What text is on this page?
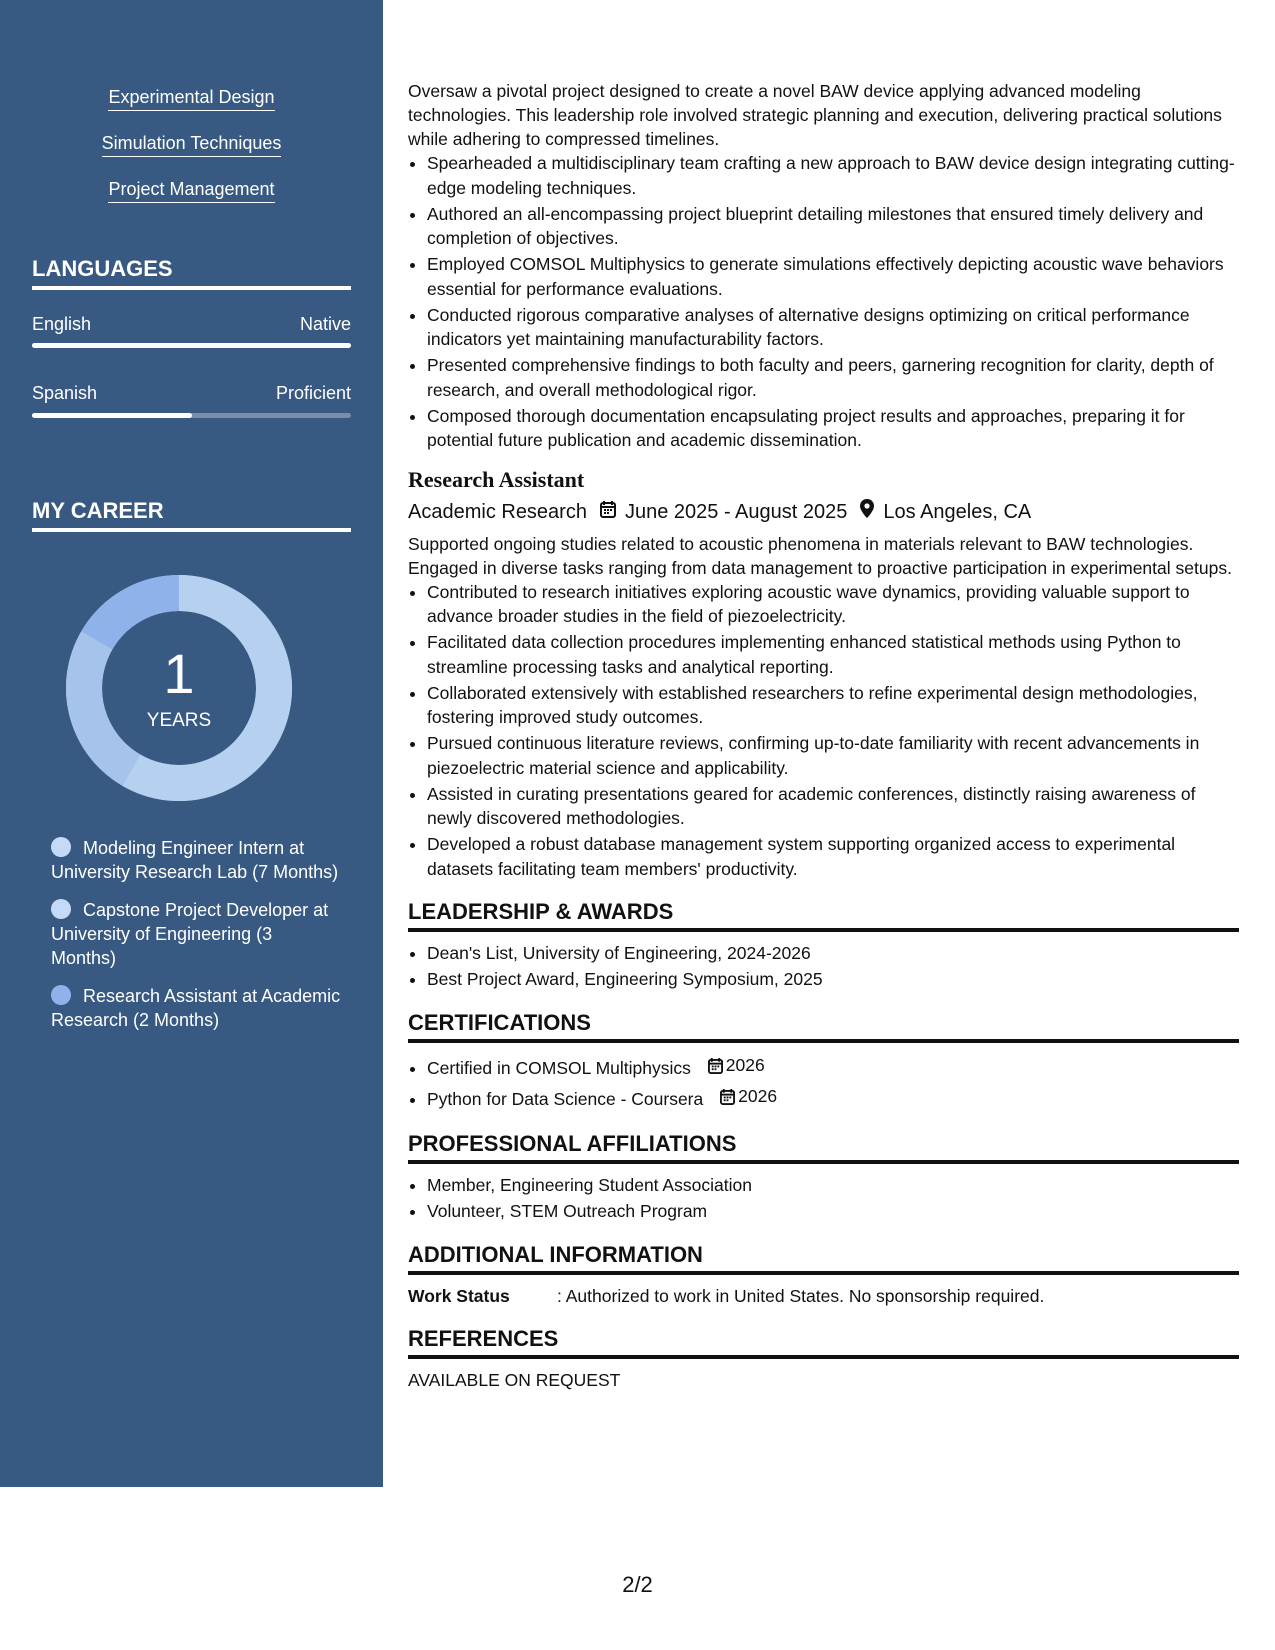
Experimental Design
Simulation Techniques
Project Management
LANGUAGES
English	Native
Spanish	Proficient
MY CAREER
1
YEARS
Modeling Engineer Intern at University Research Lab (7 Months)
Capstone Project Developer at University of Engineering (3 Months)
Research Assistant at Academic Research (2 Months)

Oversaw a pivotal project designed to create a novel BAW device applying advanced modeling technologies. This leadership role involved strategic planning and execution, delivering practical solutions while adhering to compressed timelines.

• Spearheaded a multidisciplinary team crafting a new approach to BAW device design integrating cutting-edge modeling techniques.
• Authored an all-encompassing project blueprint detailing milestones that ensured timely delivery and completion of objectives.
• Employed COMSOL Multiphysics to generate simulations effectively depicting acoustic wave behaviors essential for performance evaluations.
• Conducted rigorous comparative analyses of alternative designs optimizing on critical performance indicators yet maintaining manufacturability factors.
• Presented comprehensive findings to both faculty and peers, garnering recognition for clarity, depth of research, and overall methodological rigor.
• Composed thorough documentation encapsulating project results and approaches, preparing it for potential future publication and academic dissemination.
Research Assistant
Academic Research June 2025 - August 2025 Los Angeles, CA

Supported ongoing studies related to acoustic phenomena in materials relevant to BAW technologies. Engaged in diverse tasks ranging from data management to proactive participation in experimental setups.

• Contributed to research initiatives exploring acoustic wave dynamics, providing valuable support to advance broader studies in the field of piezoelectricity.
• Facilitated data collection procedures implementing enhanced statistical methods using Python to streamline processing tasks and analytical reporting.
• Collaborated extensively with established researchers to refine experimental design methodologies, fostering improved study outcomes.
• Pursued continuous literature reviews, confirming up-to-date familiarity with recent advancements in piezoelectric material science and applicability.
• Assisted in curating presentations geared for academic conferences, distinctly raising awareness of newly discovered methodologies.
• Developed a robust database management system supporting organized access to experimental datasets facilitating team members' productivity.
LEADERSHIP & AWARDS
• Dean's List, University of Engineering, 2024-2026
• Best Project Award, Engineering Symposium, 2025
CERTIFICATIONS
• Certified in COMSOL Multiphysics 2026
• Python for Data Science - Coursera 2026
PROFESSIONAL AFFILIATIONS
• Member, Engineering Student Association
• Volunteer, STEM Outreach Program
ADDITIONAL INFORMATION
Work Status	: Authorized to work in United States. No sponsorship required.
REFERENCES
AVAILABLE ON REQUEST
2/2
